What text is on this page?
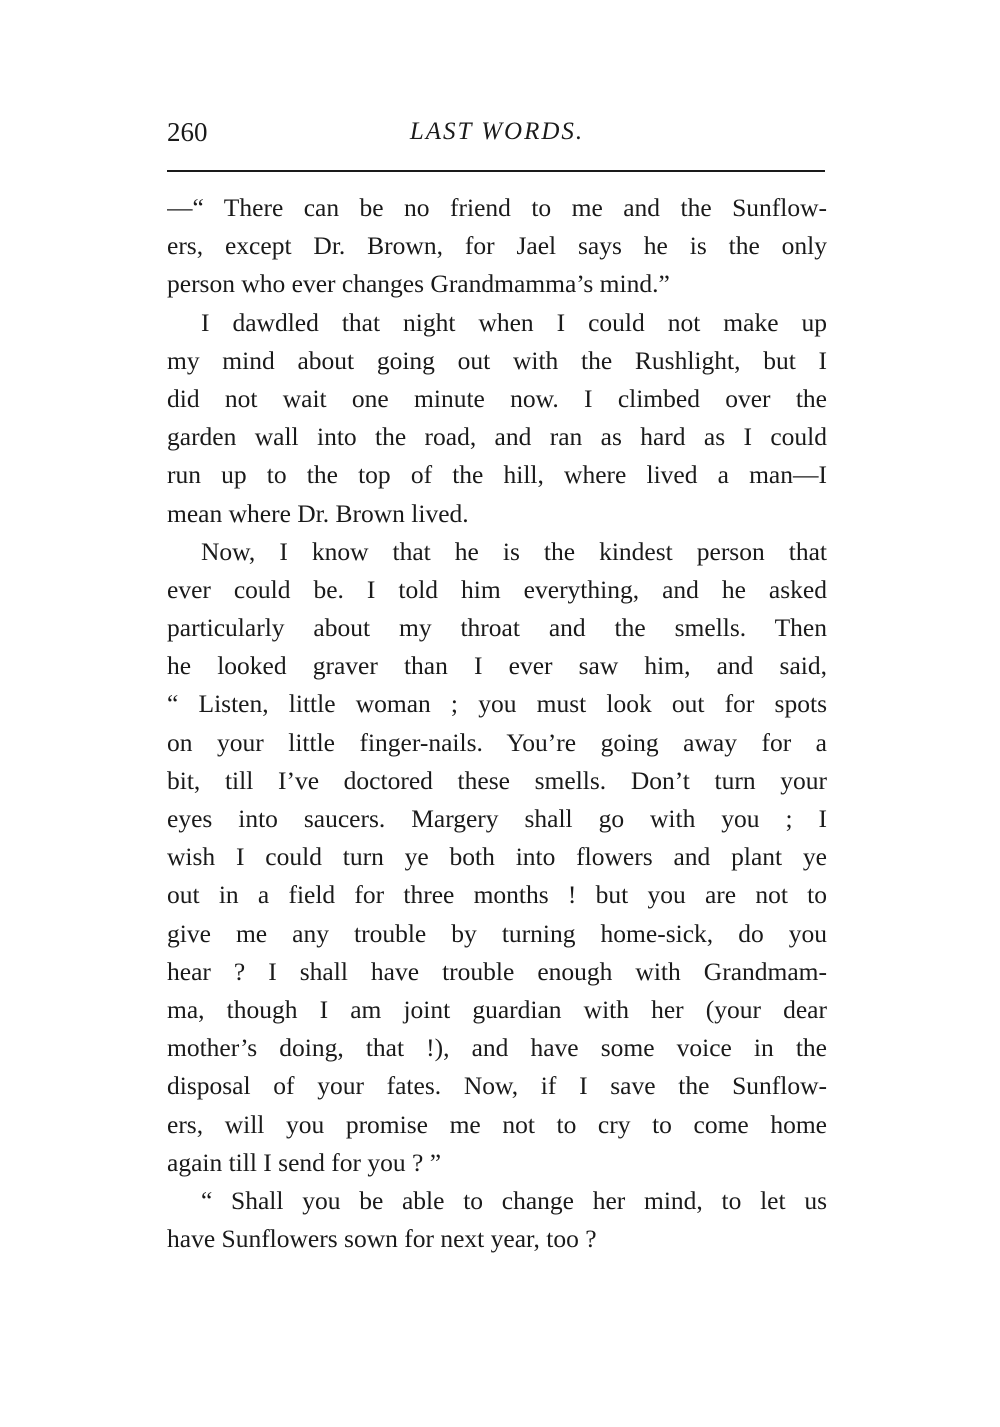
260	LAST WORDS.
—“ There can be no friend to me and the Sunflow-
ers, except Dr. Brown, for Jael says he is the only
person who ever changes Grandmamma’s mind.”
I dawdled that night when I could not make up
my mind about going out with the Rushlight, but I
did not wait one minute now. I climbed over the
garden wall into the road, and ran as hard as I could
run up to the top of the hill, where lived a man—I
mean where Dr. Brown lived.
Now, I know that he is the kindest person that
ever could be. I told him everything, and he asked
particularly about my throat and the smells. Then
he looked graver than I ever saw him, and said,
“ Listen, little woman ; you must look out for spots
on your little finger-nails. You’re going away for a
bit, till I’ve doctored these smells. Don’t turn your
eyes into saucers. Margery shall go with you ; I
wish I could turn ye both into flowers and plant ye
out in a field for three months ! but you are not to
give me any trouble by turning home-sick, do you
hear ? I shall have trouble enough with Grandmam-
ma, though I am joint guardian with her (your dear
mother’s doing, that !), and have some voice in the
disposal of your fates. Now, if I save the Sunflow-
ers, will you promise me not to cry to come home
again till I send for you ? ”
“ Shall you be able to change her mind, to let us
have Sunflowers sown for next year, too ?
